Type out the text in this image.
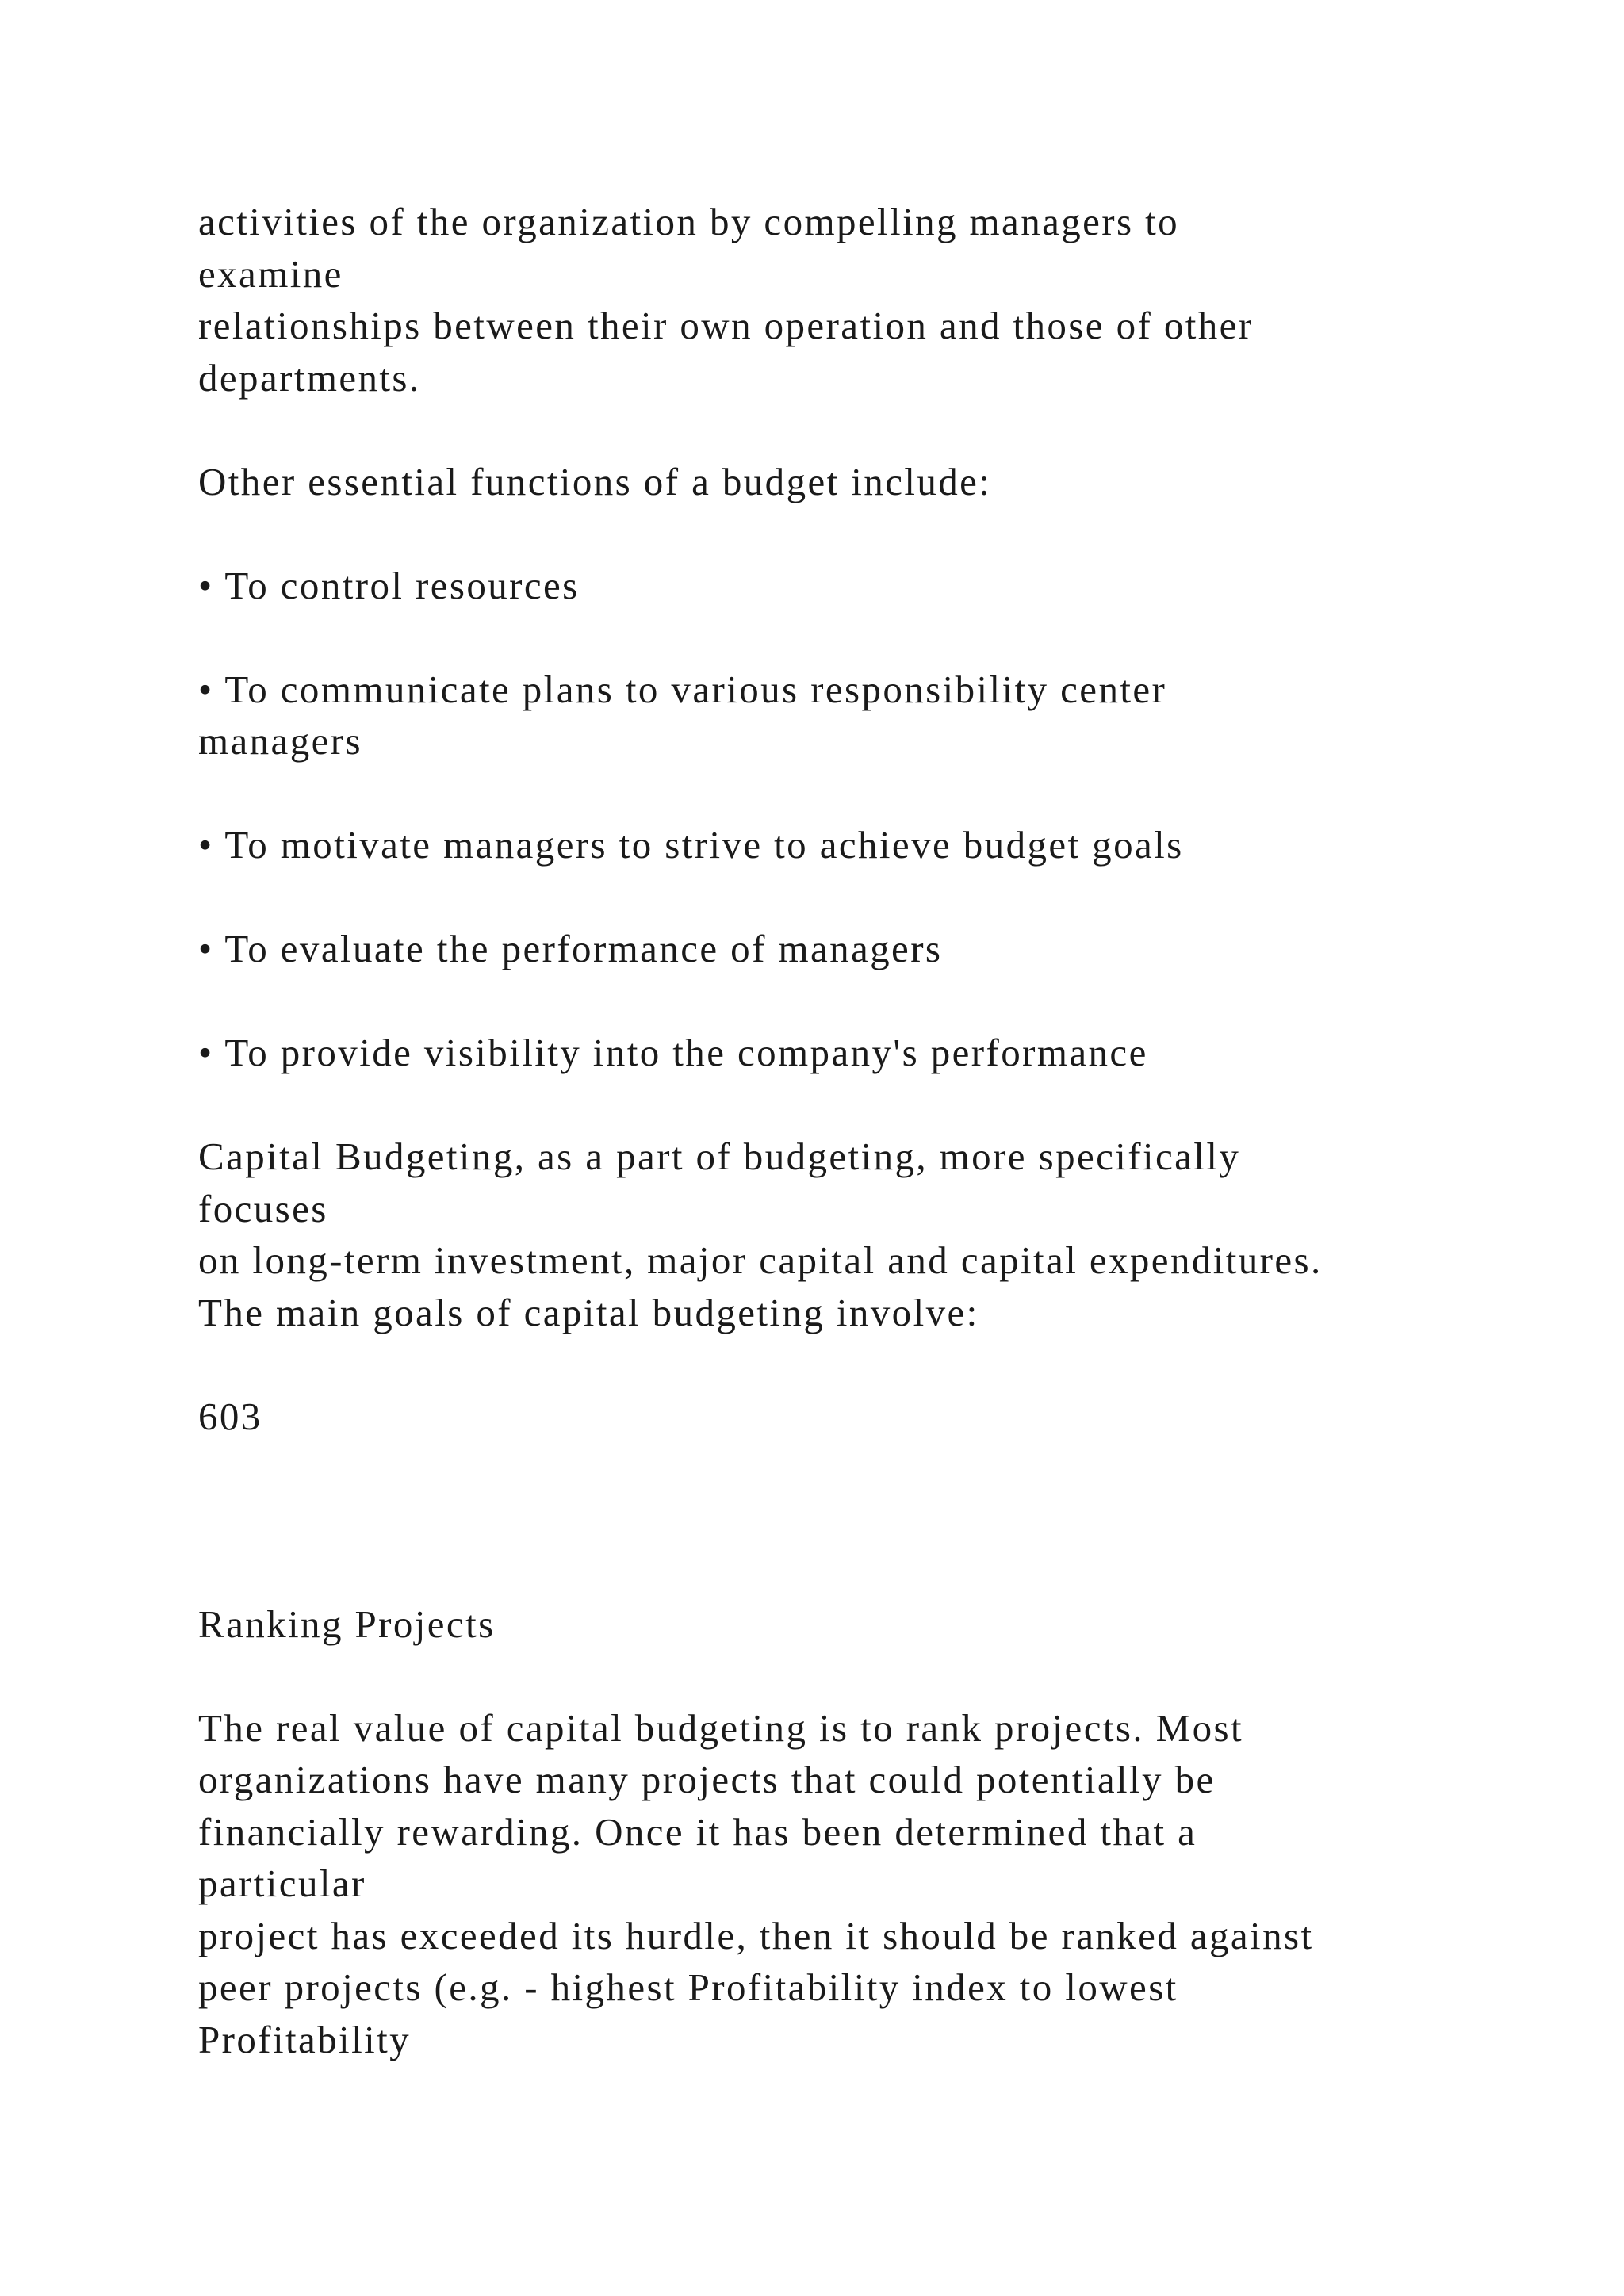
activities of the organization by compelling managers to
examine
relationships between their own operation and those of other
departments.
Other essential functions of a budget include:
• To control resources
• To communicate plans to various responsibility center
managers
• To motivate managers to strive to achieve budget goals
• To evaluate the performance of managers
• To provide visibility into the company's performance
Capital Budgeting, as a part of budgeting, more specifically
focuses
on long-term investment, major capital and capital expenditures.
The main goals of capital budgeting involve:
603
Ranking Projects
The real value of capital budgeting is to rank projects. Most
organizations have many projects that could potentially be
financially rewarding. Once it has been determined that a
particular
project has exceeded its hurdle, then it should be ranked against
peer projects (e.g. - highest Profitability index to lowest
Profitability
